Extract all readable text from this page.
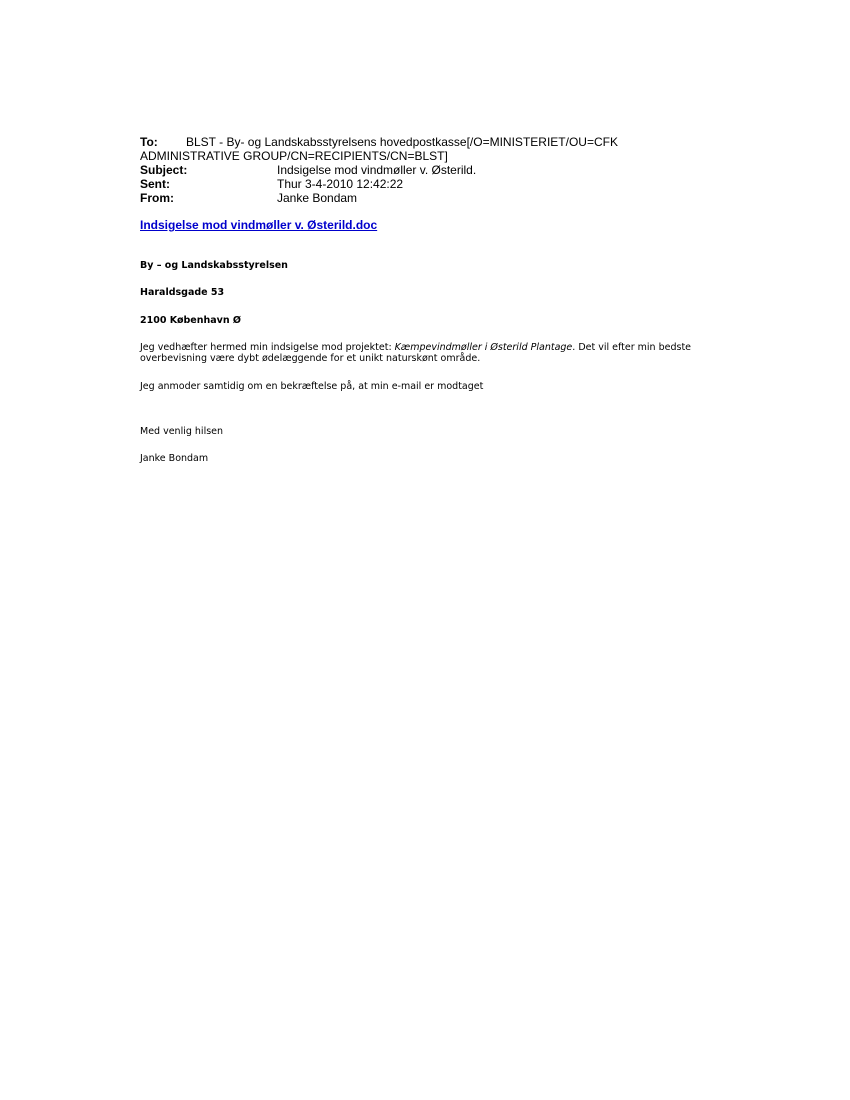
To:	BLST - By- og Landskabsstyrelsens hovedpostkasse[/O=MINISTERIET/OU=CFK
ADMINISTRATIVE GROUP/CN=RECIPIENTS/CN=BLST]
Subject:	Indsigelse mod vindmøller v. Østerild.
Sent:	Thur 3-4-2010 12:42:22
From:	Janke Bondam
Indsigelse mod vindmøller v. Østerild.doc
By – og Landskabsstyrelsen
Haraldsgade 53
2100 København Ø
Jeg vedhæfter hermed min indsigelse mod projektet: Kæmpevindmøller i Østerild Plantage. Det vil efter min bedste overbevisning være dybt ødelæggende for et unikt naturskønt område.
Jeg anmoder samtidig om en bekræftelse på, at min e-mail er modtaget
Med venlig hilsen
Janke Bondam
